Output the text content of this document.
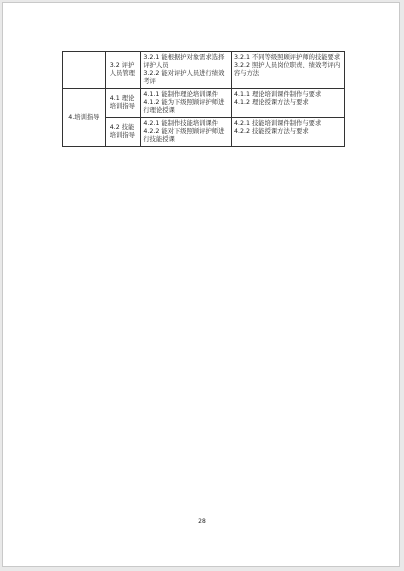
	3.2 评护人员管理	3.2.1 能根据护对象需求选择评护人员
3.2.2 能对评护人员进行绩效考评	3.2.1 不同等级照顾评护师的技能要求
3.2.2 照护人员岗位职责、绩效考评内容与方法

4.培训指导	4.1 理论培训指导	4.1.1 能制作理论培训课件
4.1.2 能为下级照顾评护师进行理论授课	4.1.1 理论培训课件制作与要求
4.1.2 理论授课方法与要求

	4.2 技能培训指导	4.2.1 能制作技能培训课件
4.2.2 能对下级照顾评护师进行技能授课	4.2.1 技能培训课件制作与要求
4.2.2 技能授课方法与要求
28
